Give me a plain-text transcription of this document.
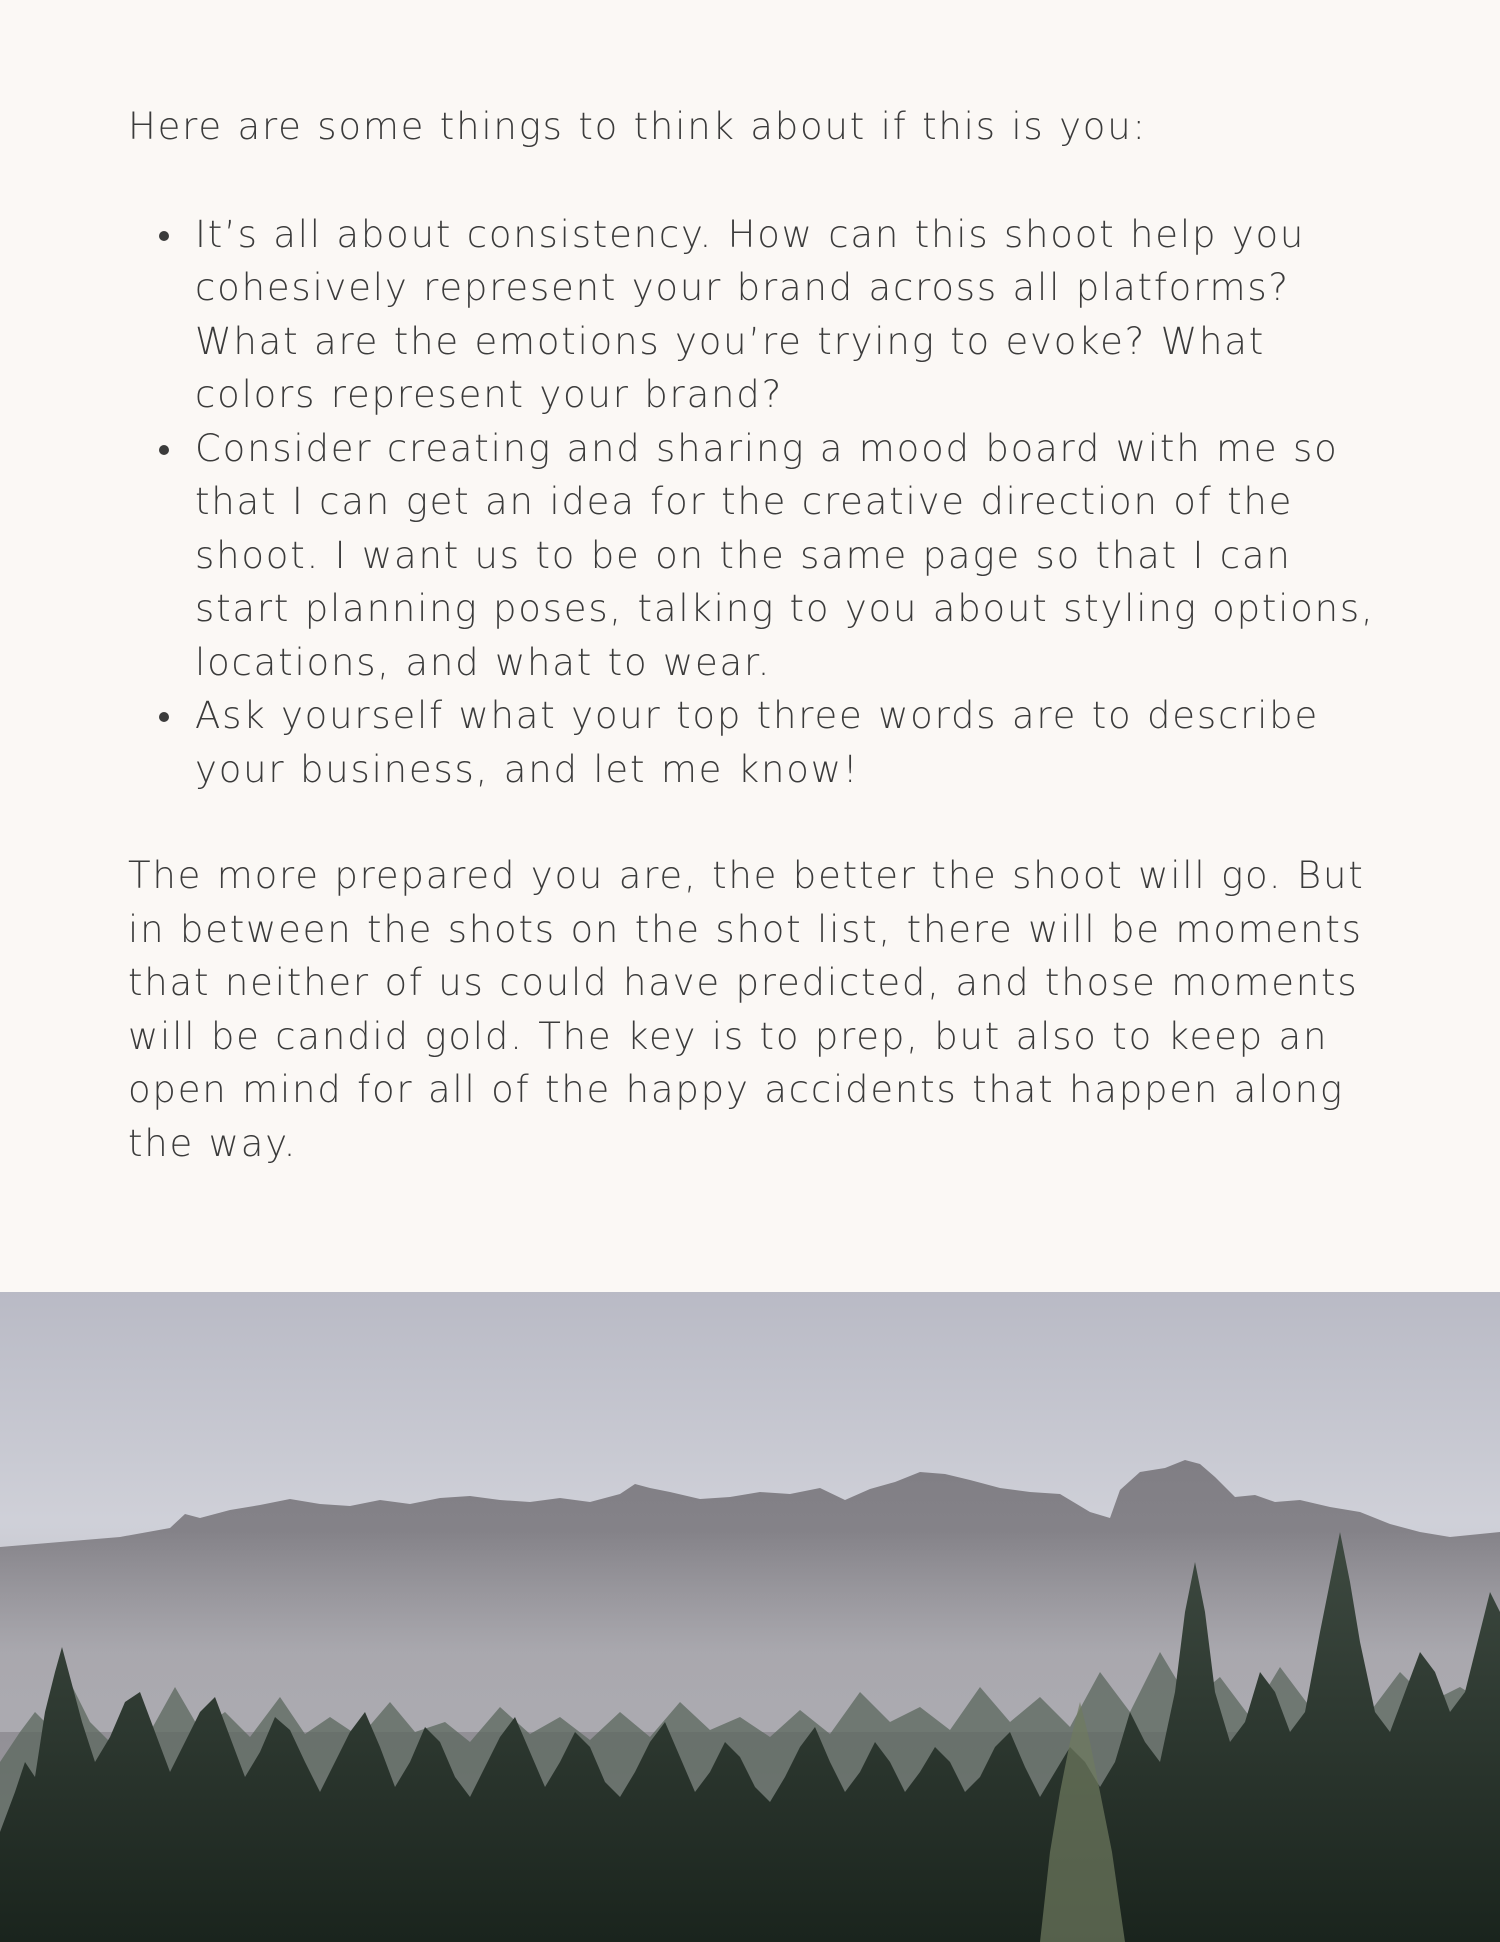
Here are some things to think about if this is you:

It’s all about consistency. How can this shoot help you cohesively represent your brand across all platforms? What are the emotions you’re trying to evoke? What colors represent your brand?
Consider creating and sharing a mood board with me so that I can get an idea for the creative direction of the shoot. I want us to be on the same page so that I can start planning poses, talking to you about styling options, locations, and what to wear.
Ask yourself what your top three words are to describe your business, and let me know!

The more prepared you are, the better the shoot will go. But in between the shots on the shot list, there will be moments that neither of us could have predicted, and those moments will be candid gold. The key is to prep, but also to keep an open mind for all of the happy accidents that happen along the way.
